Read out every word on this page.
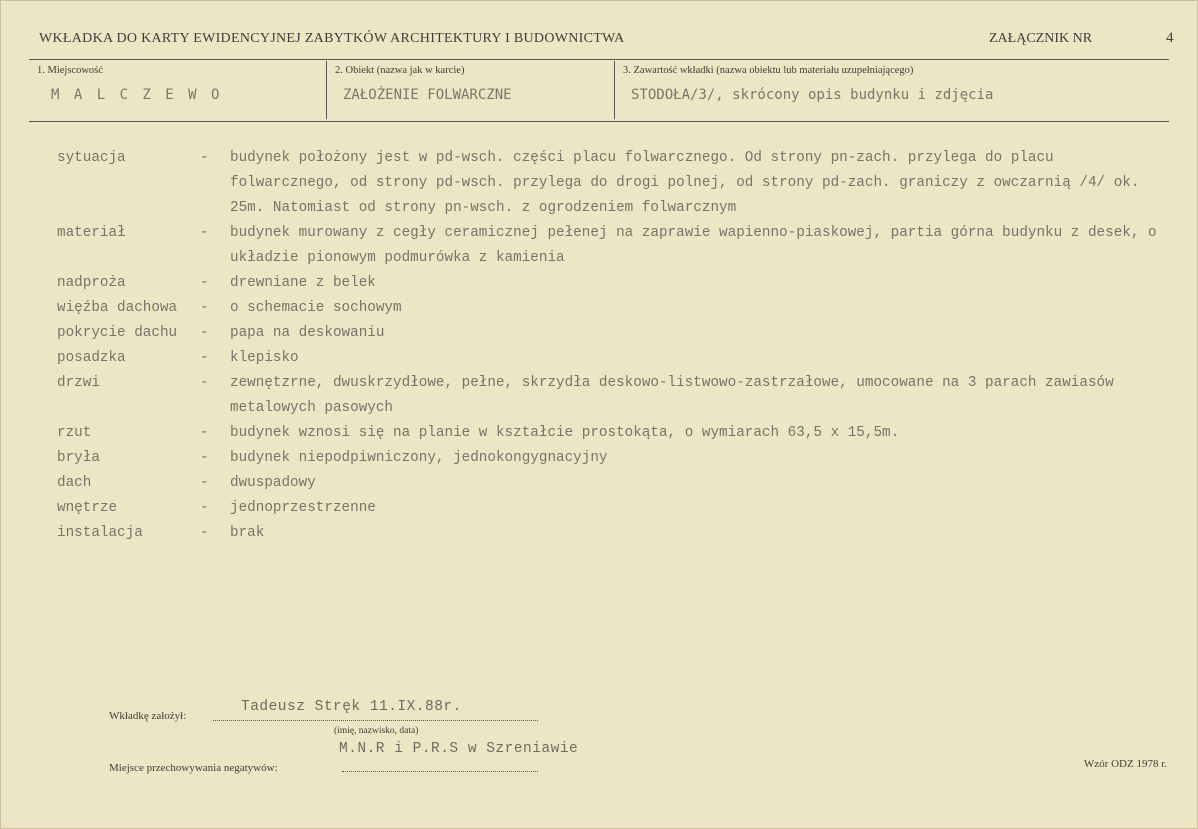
WKŁADKA DO KARTY EWIDENCYJNEJ ZABYTKÓW ARCHITEKTURY I BUDOWNICTWA	ZAŁĄCZNIK NR	4
1. Miejscowość
M A L C Z E W O
2. Obiekt (nazwa jak w karcie)
ZAŁOŻENIE FOLWARCZNE
3. Zawartość wkładki (nazwa obiektu lub materiału uzupełniającego)
STODOŁA/3/, skrócony opis budynku i zdjęcia
sytuacja	- budynek położony jest w pd-wsch. części placu folwarcznego. Od strony pn-zach. przylega do placu folwarcznego, od strony pd-wsch. przylega do drogi polnej, od strony pd-zach. graniczy z owczarnią /4/ ok. 25m. Natomiast od strony pn-wsch. z ogrodzeniem folwarcznym
materiał	- budynek murowany z cegły ceramicznej pełenej na zaprawie wapienno-piaskowej, partia górna budynku z desek, o układzie pionowym podmurówka z kamienia
nadproża	- drewniane z belek
więźba dachowa - o schemacie sochowym
pokrycie dachu - papa na deskowaniu
posadzka	- klepisko
drzwi	- zewnętzrne, dwuskrzydłowe, pełne, skrzydła deskowo-listwowo-zastrzałowe, umocowane na 3 parach zawiasów metalowych pasowych
rzut	- budynek wznosi się na planie w kształcie prostokąta, o wymiarach 63,5 x 15,5m.
bryła	- budynek niepodpiwniczony, jednokongygnacyjny
dach	- dwuspadowy
wnętrze	- jednoprzestrzenne
instalacja	- brak
Wkładkę założył:
Tadeusz Stręk 11.IX.88r.
(imię, nazwisko, data)
M.N.R i P.R.S w Szreniawie
Miejsce przechowywania negatywów:	Wzór ODZ 1978 r.
